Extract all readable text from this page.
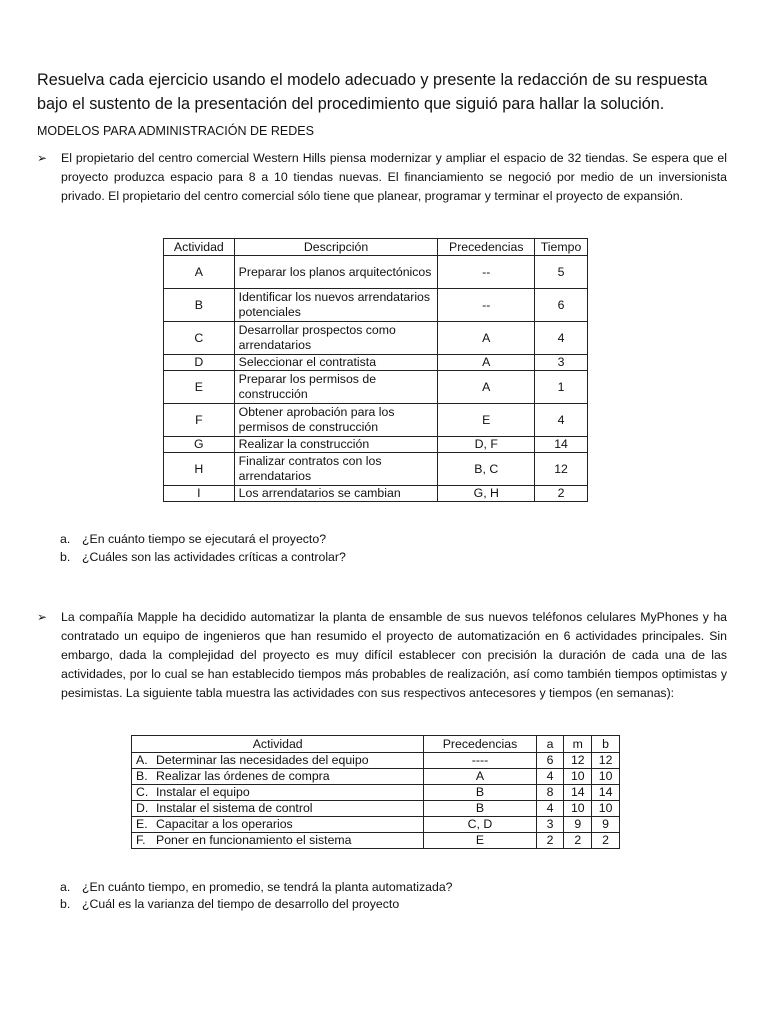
Resuelva cada ejercicio usando el modelo adecuado y presente la redacción de su respuesta bajo el sustento de la presentación del procedimiento que siguió para hallar la solución.
MODELOS PARA ADMINISTRACIÓN DE REDES
➢ El propietario del centro comercial Western Hills piensa modernizar y ampliar el espacio de 32 tiendas. Se espera que el proyecto produzca espacio para 8 a 10 tiendas nuevas. El financiamiento se negoció por medio de un inversionista privado. El propietario del centro comercial sólo tiene que planear, programar y terminar el proyecto de expansión.
Actividad	Descripción	Precedencias	Tiempo
A	Preparar los planos arquitectónicos	--	5
B	Identificar los nuevos arrendatarios potenciales	--	6
C	Desarrollar prospectos como arrendatarios	A	4
D	Seleccionar el contratista	A	3
E	Preparar los permisos de construcción	A	1
F	Obtener aprobación para los permisos de construcción	E	4
G	Realizar la construcción	D, F	14
H	Finalizar contratos con los arrendatarios	B, C	12
I	Los arrendatarios se cambian	G, H	2
a. ¿En cuánto tiempo se ejecutará el proyecto?
b. ¿Cuáles son las actividades críticas a controlar?
➢ La compañía Mapple ha decidido automatizar la planta de ensamble de sus nuevos teléfonos celulares MyPhones y ha contratado un equipo de ingenieros que han resumido el proyecto de automatización en 6 actividades principales. Sin embargo, dada la complejidad del proyecto es muy difícil establecer con precisión la duración de cada una de las actividades, por lo cual se han establecido tiempos más probables de realización, así como también tiempos optimistas y pesimistas. La siguiente tabla muestra las actividades con sus respectivos antecesores y tiempos (en semanas):
Actividad	Precedencias	a	m	b
A. Determinar las necesidades del equipo	----	6	12	12
B. Realizar las órdenes de compra	A	4	10	10
C. Instalar el equipo	B	8	14	14
D. Instalar el sistema de control	B	4	10	10
E. Capacitar a los operarios	C, D	3	9	9
F. Poner en funcionamiento el sistema	E	2	2	2
a. ¿En cuánto tiempo, en promedio, se tendrá la planta automatizada?
b. ¿Cuál es la varianza del tiempo de desarrollo del proyecto
